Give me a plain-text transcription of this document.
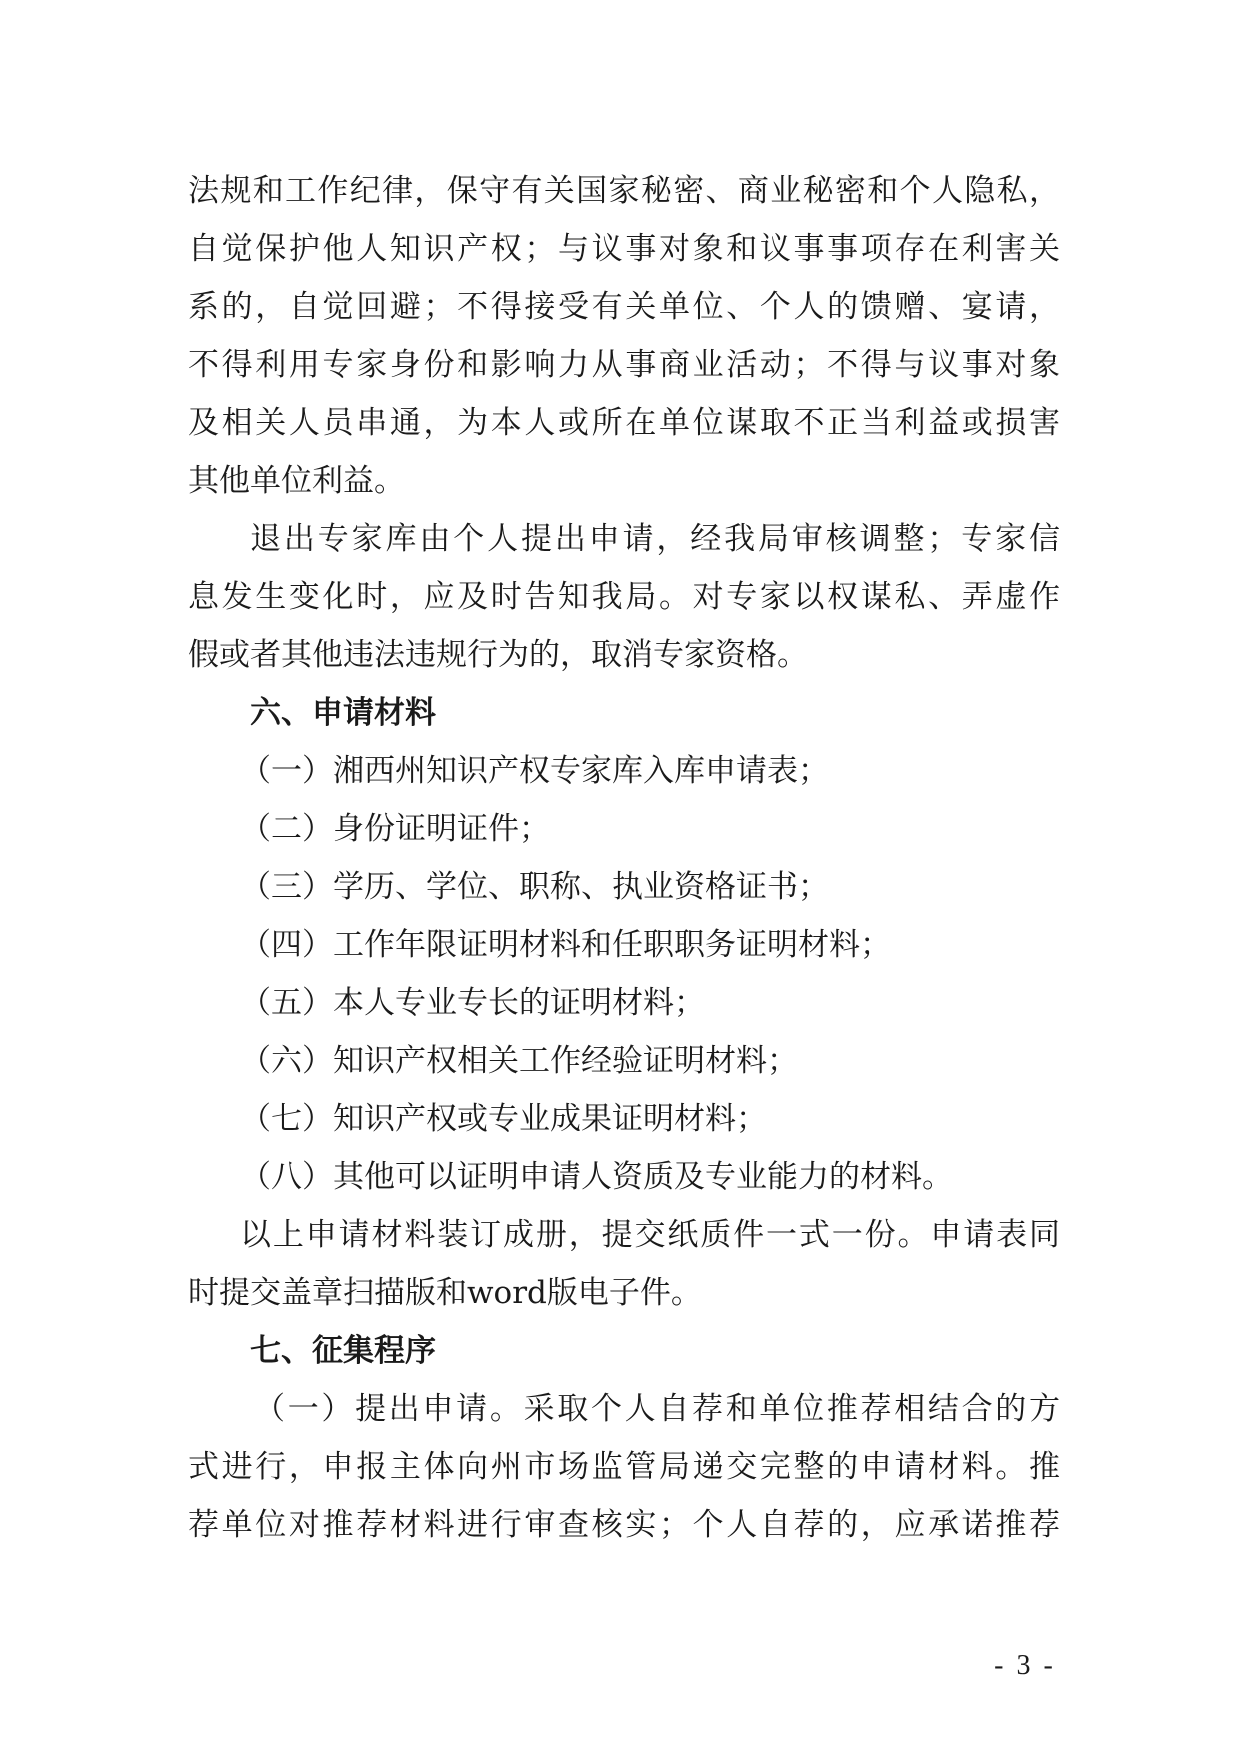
法规和工作纪律，保守有关国家秘密、商业秘密和个人隐私，
自觉保护他人知识产权；与议事对象和议事事项存在利害关
系的，自觉回避；不得接受有关单位、个人的馈赠、宴请，
不得利用专家身份和影响力从事商业活动；不得与议事对象
及相关人员串通，为本人或所在单位谋取不正当利益或损害
其他单位利益。
退出专家库由个人提出申请，经我局审核调整；专家信
息发生变化时，应及时告知我局。对专家以权谋私、弄虚作
假或者其他违法违规行为的，取消专家资格。
六、申请材料
（一）湘西州知识产权专家库入库申请表；
（二）身份证明证件；
（三）学历、学位、职称、执业资格证书；
（四）工作年限证明材料和任职职务证明材料；
（五）本人专业专长的证明材料；
（六）知识产权相关工作经验证明材料；
（七）知识产权或专业成果证明材料；
（八）其他可以证明申请人资质及专业能力的材料。
以上申请材料装订成册，提交纸质件一式一份。申请表同
时提交盖章扫描版和word版电子件。
七、征集程序
（一）提出申请。采取个人自荐和单位推荐相结合的方
式进行，申报主体向州市场监管局递交完整的申请材料。推
荐单位对推荐材料进行审查核实；个人自荐的，应承诺推荐
- 3 -
